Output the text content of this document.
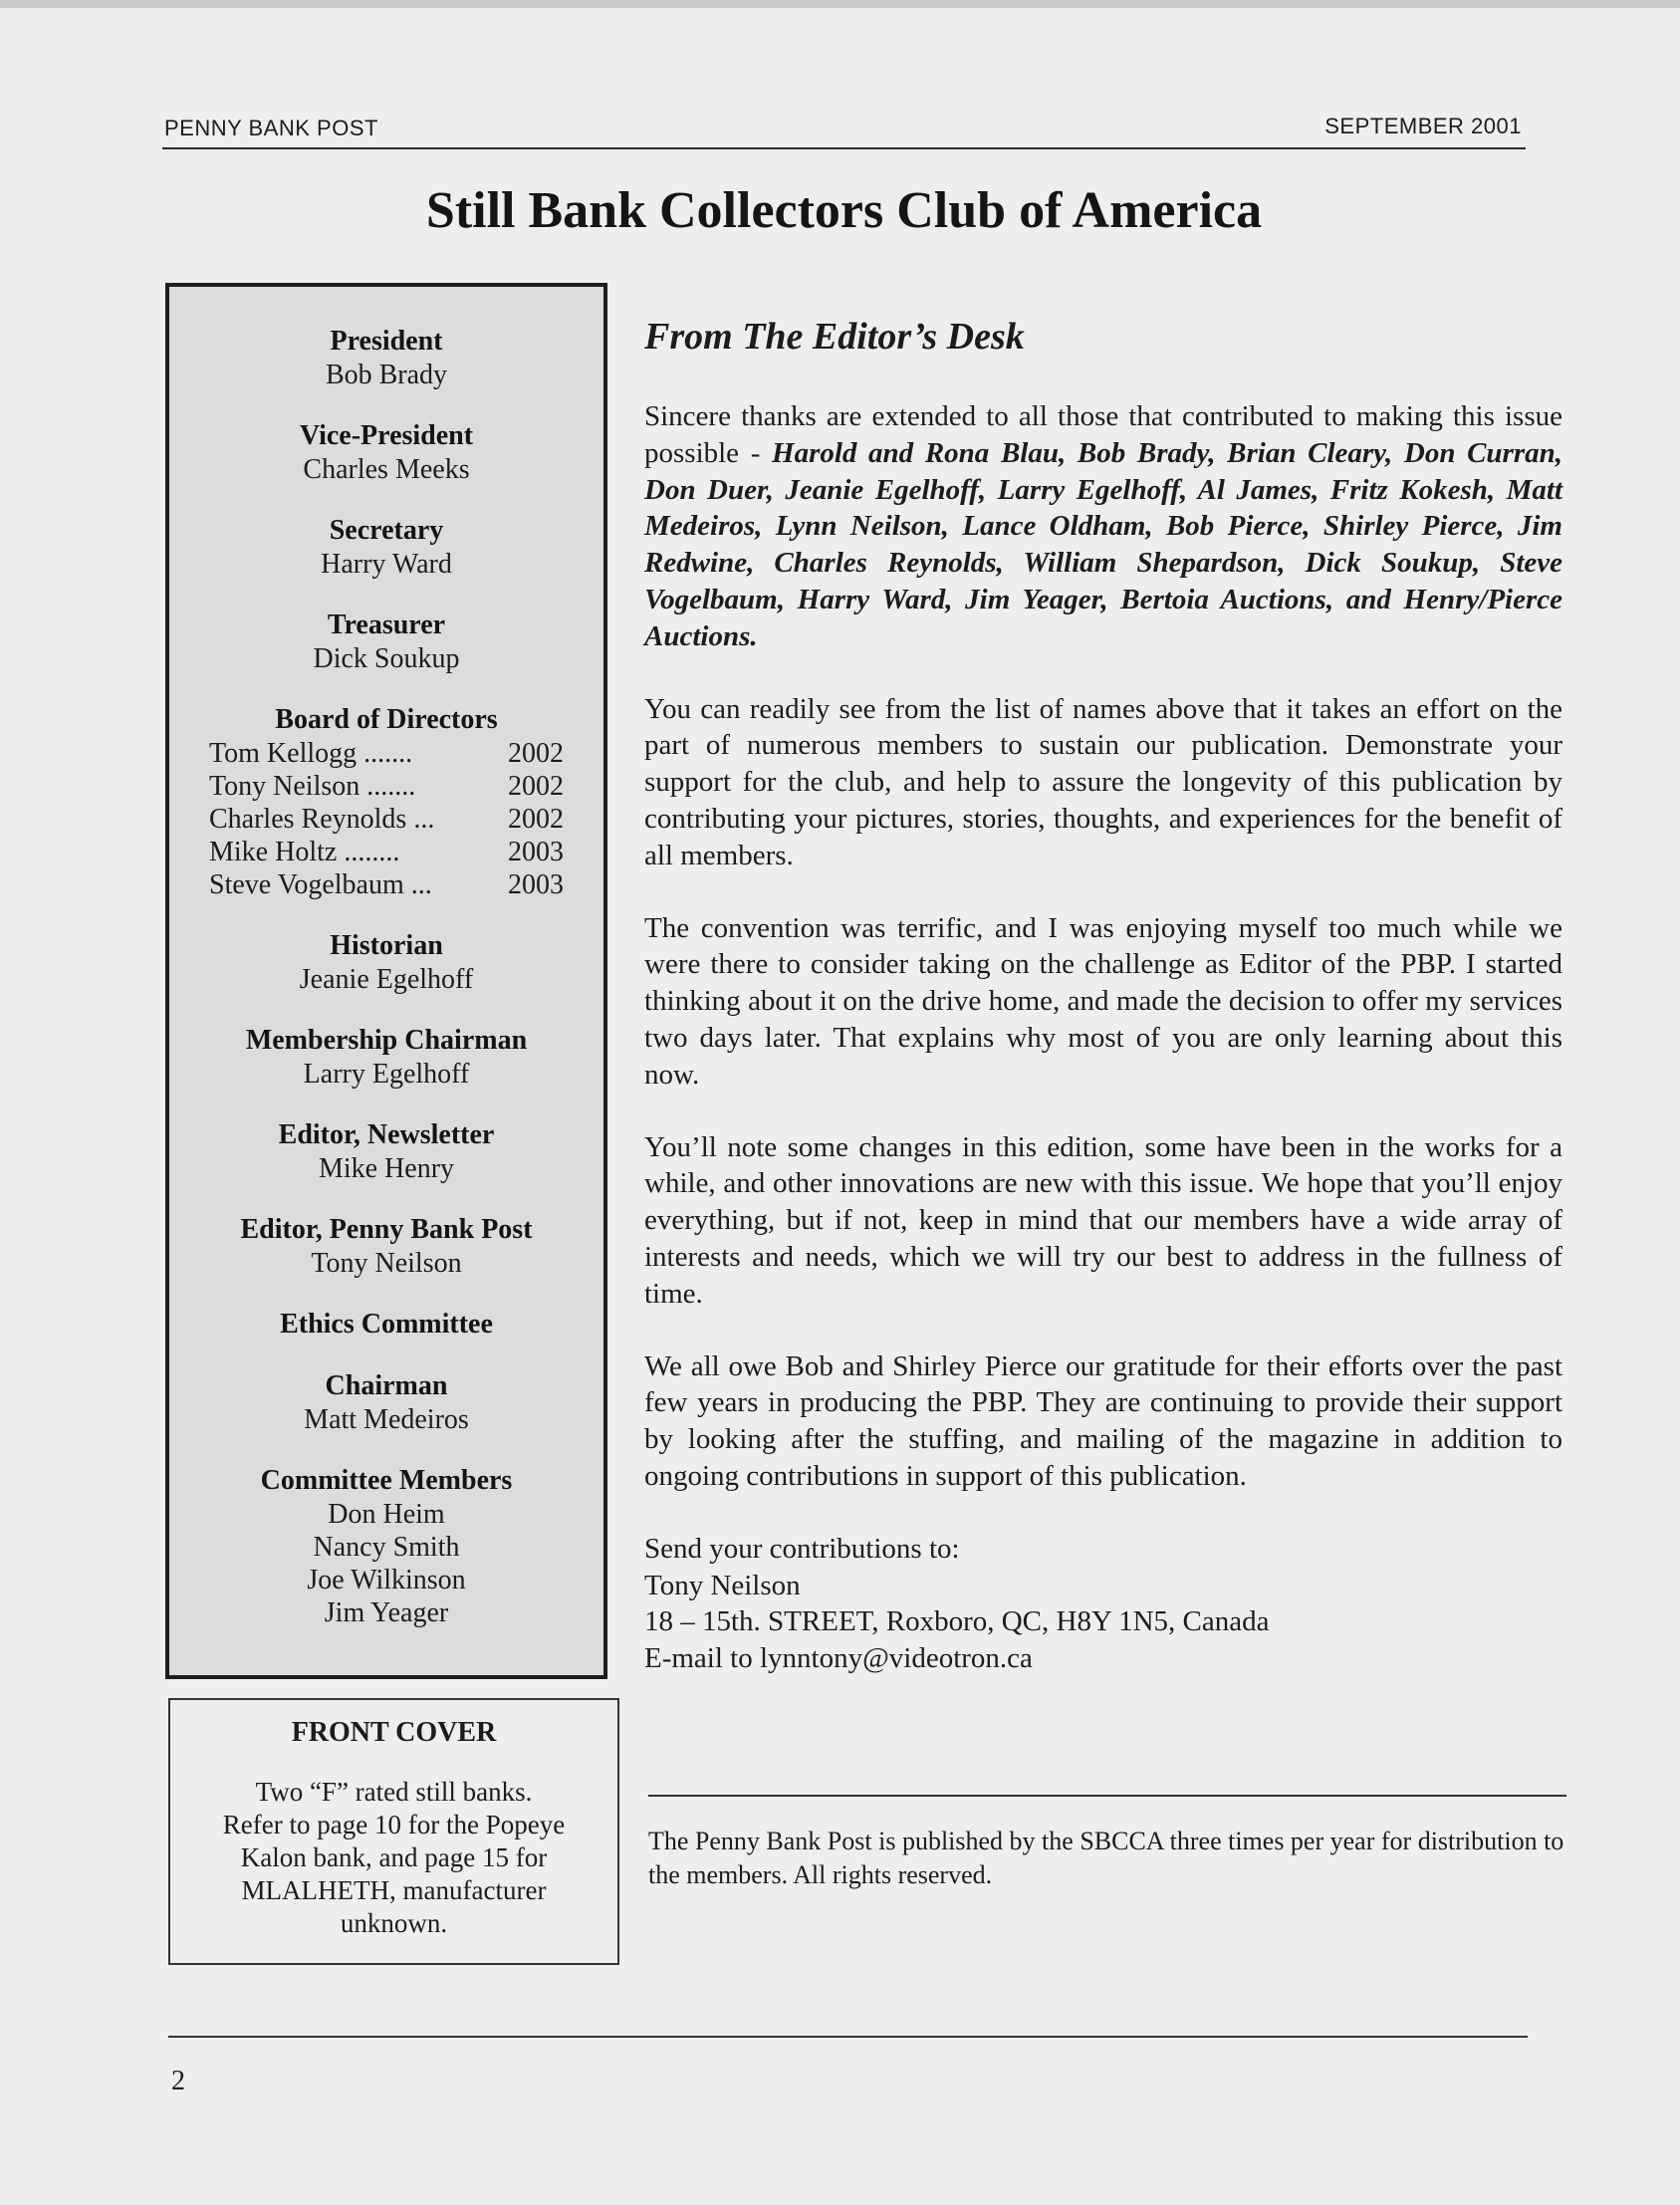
PENNY BANK POST	SEPTEMBER 2001
Still Bank Collectors Club of America
President
Bob Brady
Vice-President
Charles Meeks
Secretary
Harry Ward
Treasurer
Dick Soukup
Board of Directors
Tom Kellogg .......	2002
Tony Neilson .......	2002
Charles Reynolds ...	2002
Mike Holtz ........	2003
Steve Vogelbaum ...	2003
Historian
Jeanie Egelhoff
Membership Chairman
Larry Egelhoff
Editor, Newsletter
Mike Henry
Editor, Penny Bank Post
Tony Neilson
Ethics Committee
Chairman
Matt Medeiros
Committee Members
Don Heim
Nancy Smith
Joe Wilkinson
Jim Yeager
FRONT COVER

Two “F” rated still banks.
Refer to page 10 for the Popeye
Kalon bank, and page 15 for
MLALHETH, manufacturer
unknown.

From The Editor’s Desk

Sincere thanks are extended to all those that contributed to making this issue possible - Harold and Rona Blau, Bob Brady, Brian Cleary, Don Curran, Don Duer, Jeanie Egelhoff, Larry Egelhoff, Al James, Fritz Kokesh, Matt Medeiros, Lynn Neilson, Lance Oldham, Bob Pierce, Shirley Pierce, Jim Redwine, Charles Reynolds, William Shepardson, Dick Soukup, Steve Vogelbaum, Harry Ward, Jim Yeager, Bertoia Auctions, and Henry/Pierce Auctions.

You can readily see from the list of names above that it takes an effort on the part of numerous members to sustain our publication. Demonstrate your support for the club, and help to assure the longevity of this publication by contributing your pictures, stories, thoughts, and experiences for the benefit of all members.

The convention was terrific, and I was enjoying myself too much while we were there to consider taking on the challenge as Editor of the PBP. I started thinking about it on the drive home, and made the decision to offer my services two days later. That explains why most of you are only learning about this now.

You’ll note some changes in this edition, some have been in the works for a while, and other innovations are new with this issue. We hope that you’ll enjoy everything, but if not, keep in mind that our members have a wide array of interests and needs, which we will try our best to address in the fullness of time.

We all owe Bob and Shirley Pierce our gratitude for their efforts over the past few years in producing the PBP. They are continuing to provide their support by looking after the stuffing, and mailing of the magazine in addition to ongoing contributions in support of this publication.

Send your contributions to:
Tony Neilson
18 – 15th. STREET, Roxboro, QC, H8Y 1N5, Canada
E-mail to lynntony@videotron.ca

The Penny Bank Post is published by the SBCCA three times per year for distribution to the members. All rights reserved.
2
